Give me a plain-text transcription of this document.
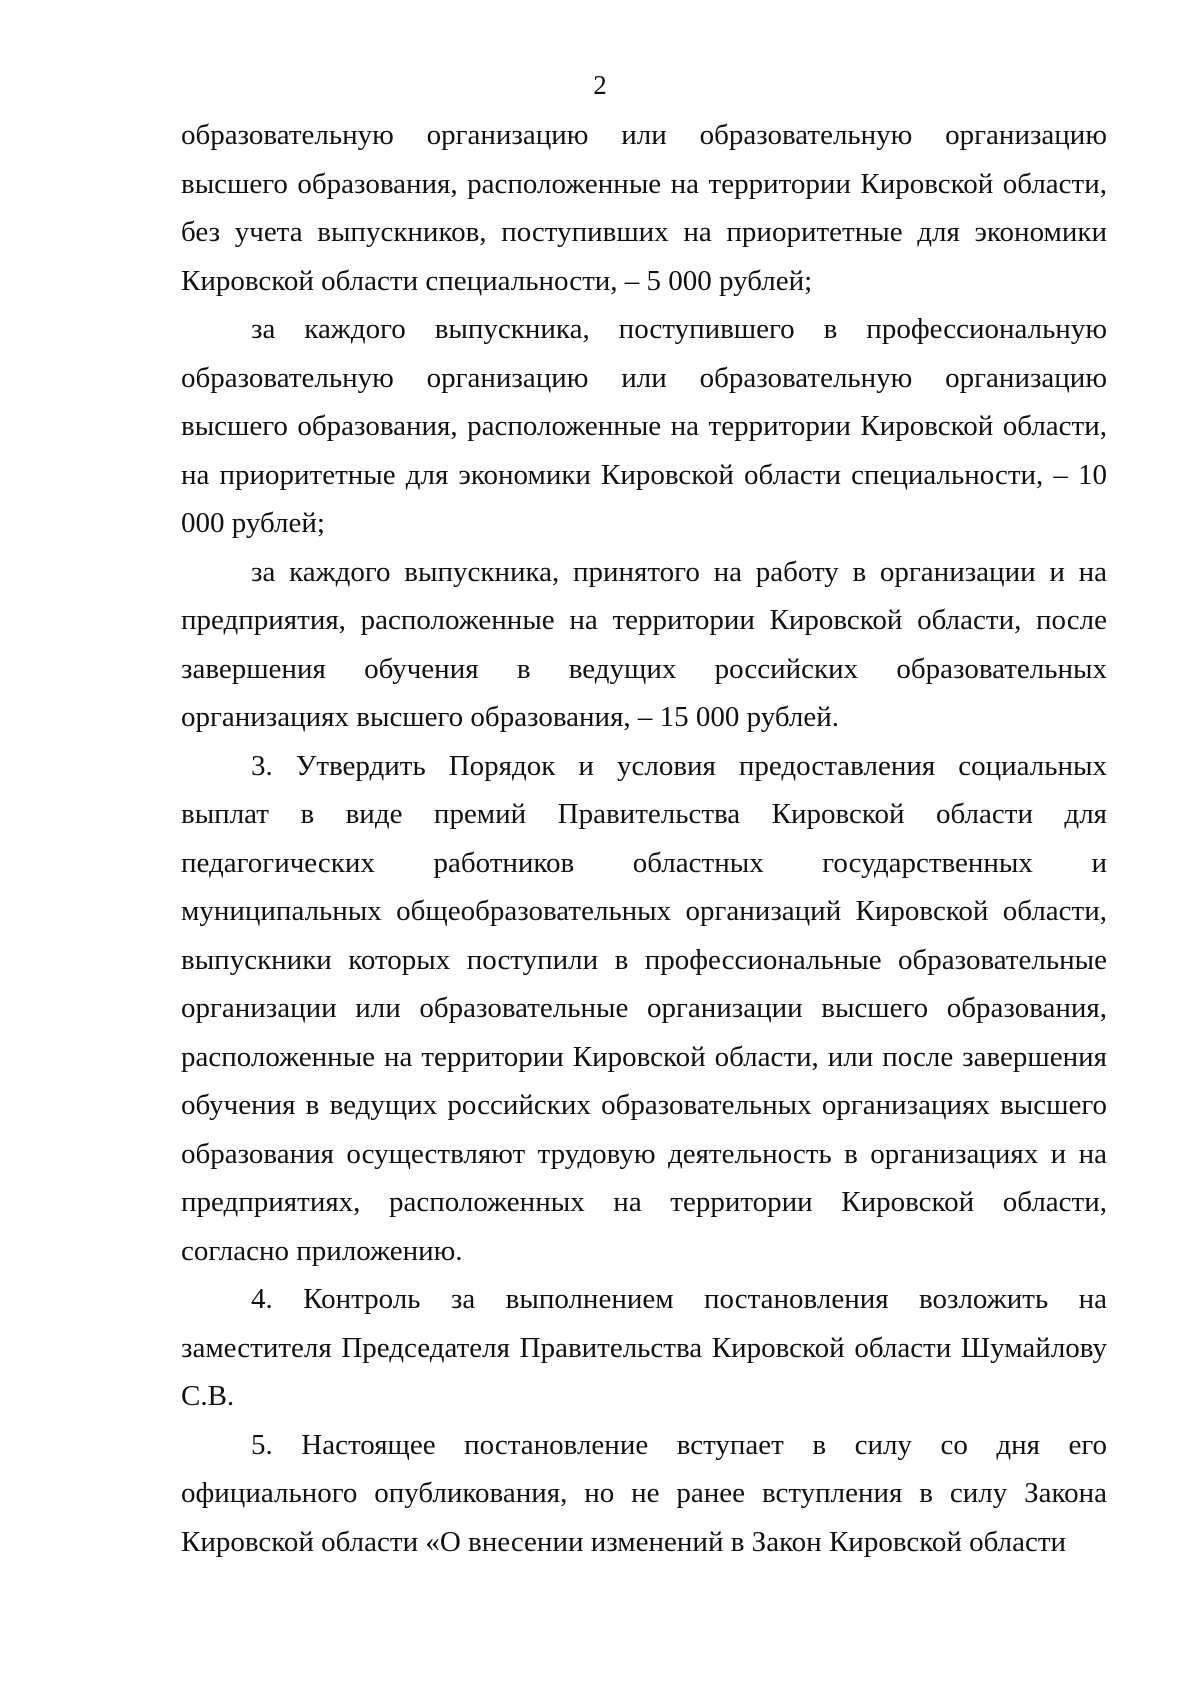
2

образовательную организацию или образовательную организацию высшего образования, расположенные на территории Кировской области, без учета выпускников, поступивших на приоритетные для экономики Кировской области специальности, – 5 000 рублей;

за каждого выпускника, поступившего в профессиональную образовательную организацию или образовательную организацию высшего образования, расположенные на территории Кировской области, на приоритетные для экономики Кировской области специальности, – 10 000 рублей;

за каждого выпускника, принятого на работу в организации и на предприятия, расположенные на территории Кировской области, после завершения обучения в ведущих российских образовательных организациях высшего образования, – 15 000 рублей.

3. Утвердить Порядок и условия предоставления социальных выплат в виде премий Правительства Кировской области для педагогических работников областных государственных и муниципальных общеобразовательных организаций Кировской области, выпускники которых поступили в профессиональные образовательные организации или образовательные организации высшего образования, расположенные на территории Кировской области, или после завершения обучения в ведущих российских образовательных организациях высшего образования осуществляют трудовую деятельность в организациях и на предприятиях, расположенных на территории Кировской области, согласно приложению.

4. Контроль за выполнением постановления возложить на заместителя Председателя Правительства Кировской области Шумайлову С.В.

5. Настоящее постановление вступает в силу со дня его официального опубликования, но не ранее вступления в силу Закона Кировской области «О внесении изменений в Закон Кировской области
